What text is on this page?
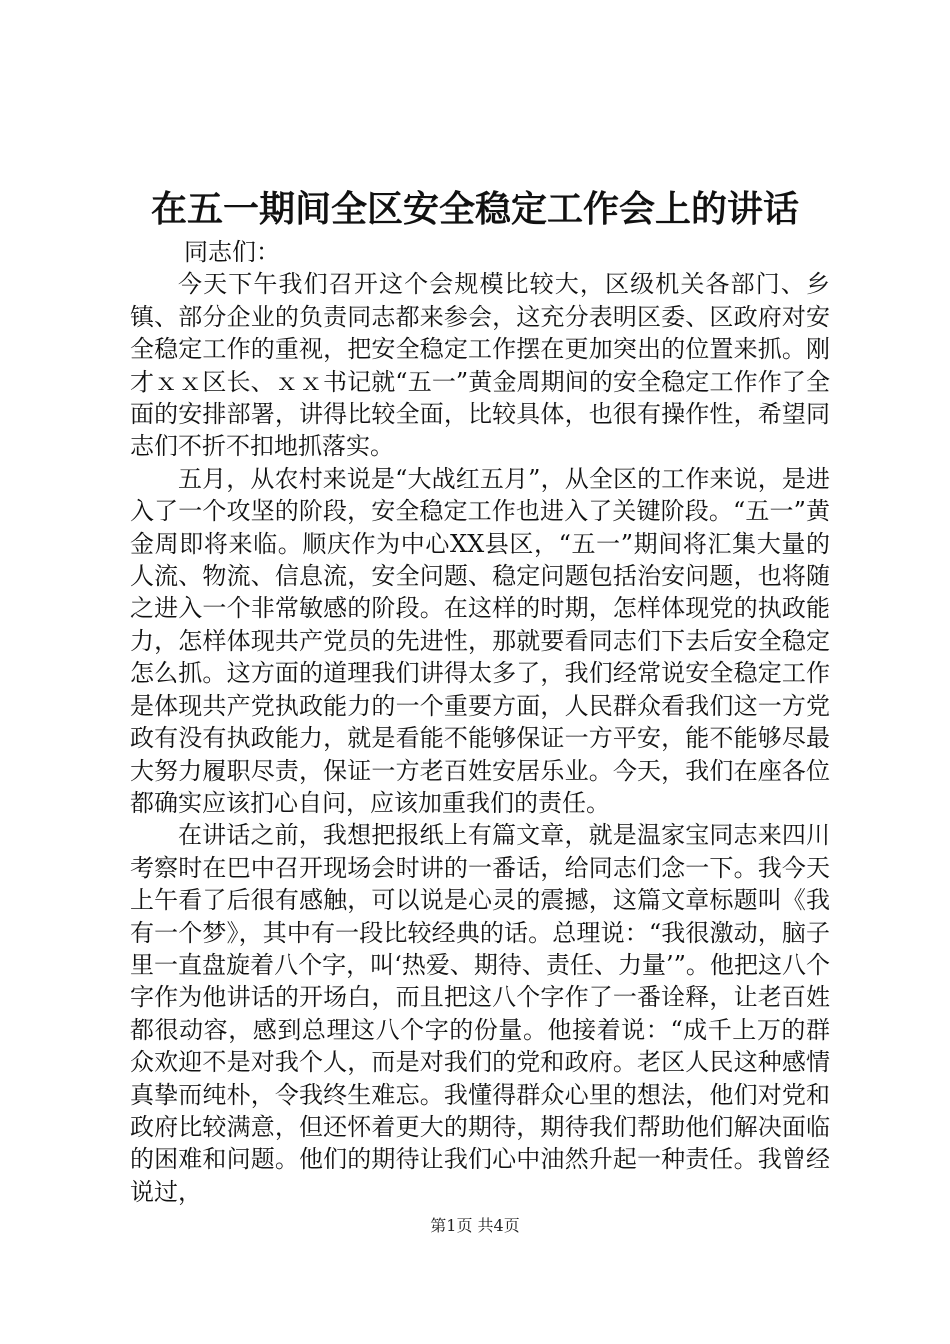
在五一期间全区安全稳定工作会上的讲话

同志们：

今天下午我们召开这个会规模比较大，区级机关各部门、乡镇、部分企业的负责同志都来参会，这充分表明区委、区政府对安全稳定工作的重视，把安全稳定工作摆在更加突出的位置来抓。刚才ｘｘ区长、ｘｘ书记就“五一”黄金周期间的安全稳定工作作了全面的安排部署，讲得比较全面，比较具体，也很有操作性，希望同志们不折不扣地抓落实。

五月，从农村来说是“大战红五月”，从全区的工作来说，是进入了一个攻坚的阶段，安全稳定工作也进入了关键阶段。“五一”黄金周即将来临。顺庆作为中心XX县区，“五一”期间将汇集大量的人流、物流、信息流，安全问题、稳定问题包括治安问题，也将随之进入一个非常敏感的阶段。在这样的时期，怎样体现党的执政能力，怎样体现共产党员的先进性，那就要看同志们下去后安全稳定怎么抓。这方面的道理我们讲得太多了，我们经常说安全稳定工作是体现共产党执政能力的一个重要方面，人民群众看我们这一方党政有没有执政能力，就是看能不能够保证一方平安，能不能够尽最大努力履职尽责，保证一方老百姓安居乐业。今天，我们在座各位都确实应该扪心自问，应该加重我们的责任。

在讲话之前，我想把报纸上有篇文章，就是温家宝同志来四川考察时在巴中召开现场会时讲的一番话，给同志们念一下。我今天上午看了后很有感触，可以说是心灵的震撼，这篇文章标题叫《我有一个梦》，其中有一段比较经典的话。总理说：“我很激动，脑子里一直盘旋着八个字，叫‘热爱、期待、责任、力量’”。他把这八个字作为他讲话的开场白，而且把这八个字作了一番诠释，让老百姓都很动容，感到总理这八个字的份量。他接着说：“成千上万的群众欢迎不是对我个人，而是对我们的党和政府。老区人民这种感情真挚而纯朴，令我终生难忘。我懂得群众心里的想法，他们对党和政府比较满意，但还怀着更大的期待，期待我们帮助他们解决面临的困难和问题。他们的期待让我们心中油然升起一种责任。我曾经说过，

第1页 共4页
